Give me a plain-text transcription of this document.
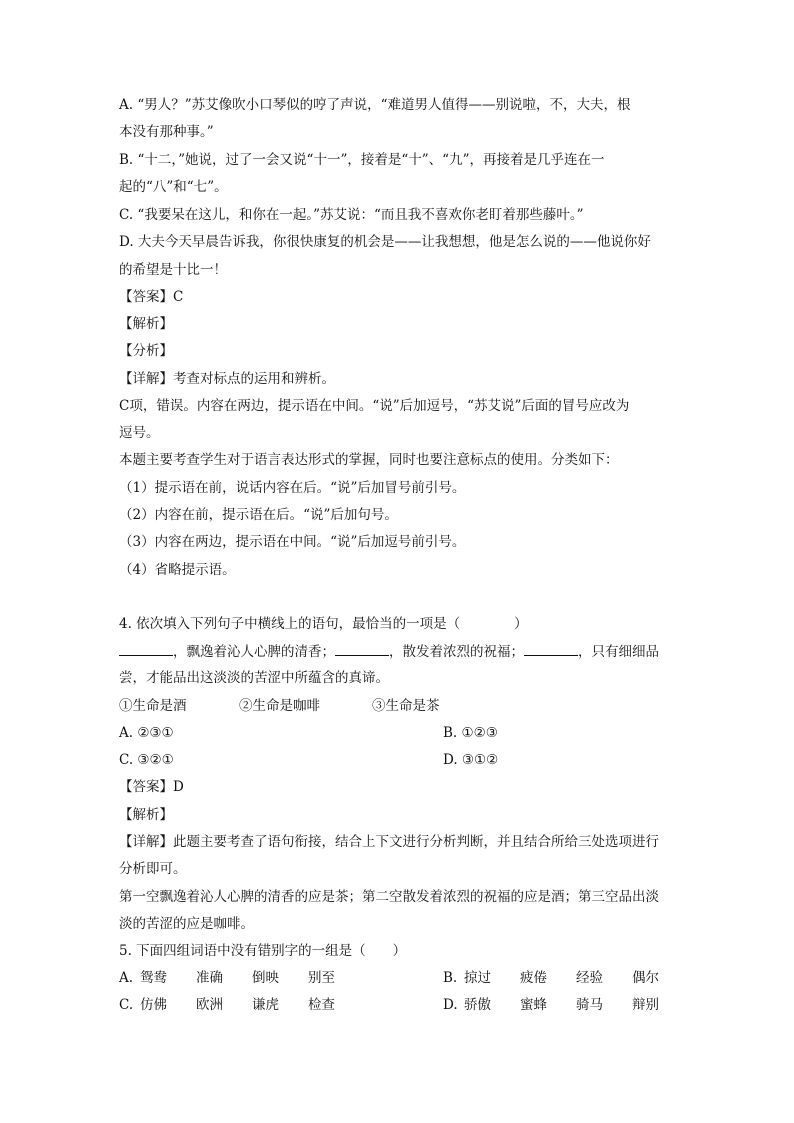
A. “男人？”苏艾像吹小口琴似的哼了声说，“难道男人值得——别说啦，不，大夫，根
本没有那种事。”
B. “十二，”她说，过了一会又说“十一”，接着是“十”、“九”，再接着是几乎连在一
起的“八”和“七”。
C. “我要呆在这儿，和你在一起。”苏艾说：“而且我不喜欢你老盯着那些藤叶。”
D. 大夫今天早晨告诉我，你很快康复的机会是——让我想想，他是怎么说的——他说你好
的希望是十比一！
【答案】C
【解析】
【分析】
【详解】考查对标点的运用和辨析。
C项，错误。内容在两边，提示语在中间。“说”后加逗号，“苏艾说”后面的冒号应改为
逗号。
本题主要考查学生对于语言表达形式的掌握，同时也要注意标点的使用。分类如下：
（1）提示语在前，说话内容在后。“说”后加冒号前引号。
（2）内容在前，提示语在后。“说”后加句号。
（3）内容在两边，提示语在中间。“说”后加逗号前引号。
（4）省略提示语。
4. 依次填入下列句子中横线上的语句，最恰当的一项是（　　　　）
，飘逸着沁人心脾的清香；	，散发着浓烈的祝福；	，只有细细品
尝，才能品出这淡淡的苦涩中所蕴含的真谛。
①生命是酒	②生命是咖啡	③生命是茶
A. ②③①	B. ①②③
C. ③②①	D. ③①②
【答案】D
【解析】
【详解】此题主要考查了语句衔接，结合上下文进行分析判断，并且结合所给三处选项进行
分析即可。
第一空飘逸着沁人心脾的清香的应是茶；第二空散发着浓烈的祝福的应是酒；第三空品出淡
淡的苦涩的应是咖啡。
5. 下面四组词语中没有错别字的一组是（　　）
A. 鸳鸯 准确 倒映 别至	B. 掠过 疲倦 经验 偶尔
C. 仿佛 欧洲 谦虎 检查	D. 骄傲 蜜蜂 骑马 辩别
